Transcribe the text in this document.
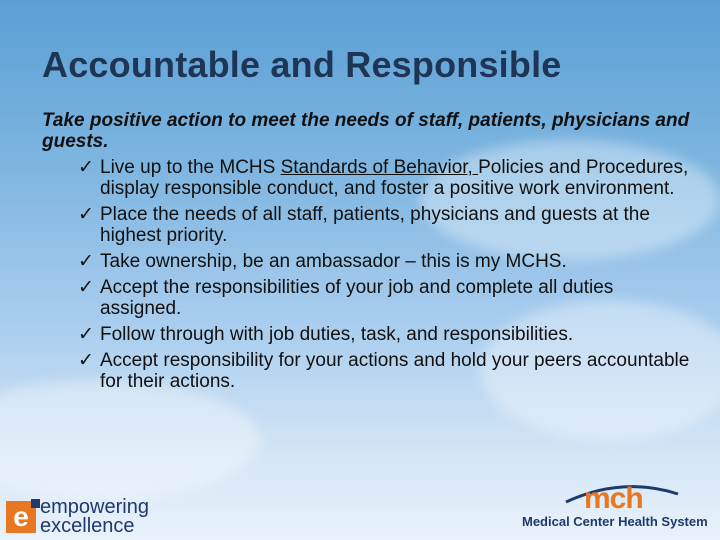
Accountable and Responsible

Take positive action to meet the needs of staff, patients, physicians and guests.

✓ Live up to the MCHS Standards of Behavior, Policies and Procedures, display responsible conduct, and foster a positive work environment.
✓ Place the needs of all staff, patients, physicians and guests at the highest priority.
✓ Take ownership, be an ambassador – this is my MCHS.
✓ Accept the responsibilities of your job and complete all duties assigned.
✓ Follow through with job duties, task, and responsibilities.
✓ Accept responsibility for your actions and hold your peers accountable for their actions.
e empowering
excellence
mch
Medical Center Health System
